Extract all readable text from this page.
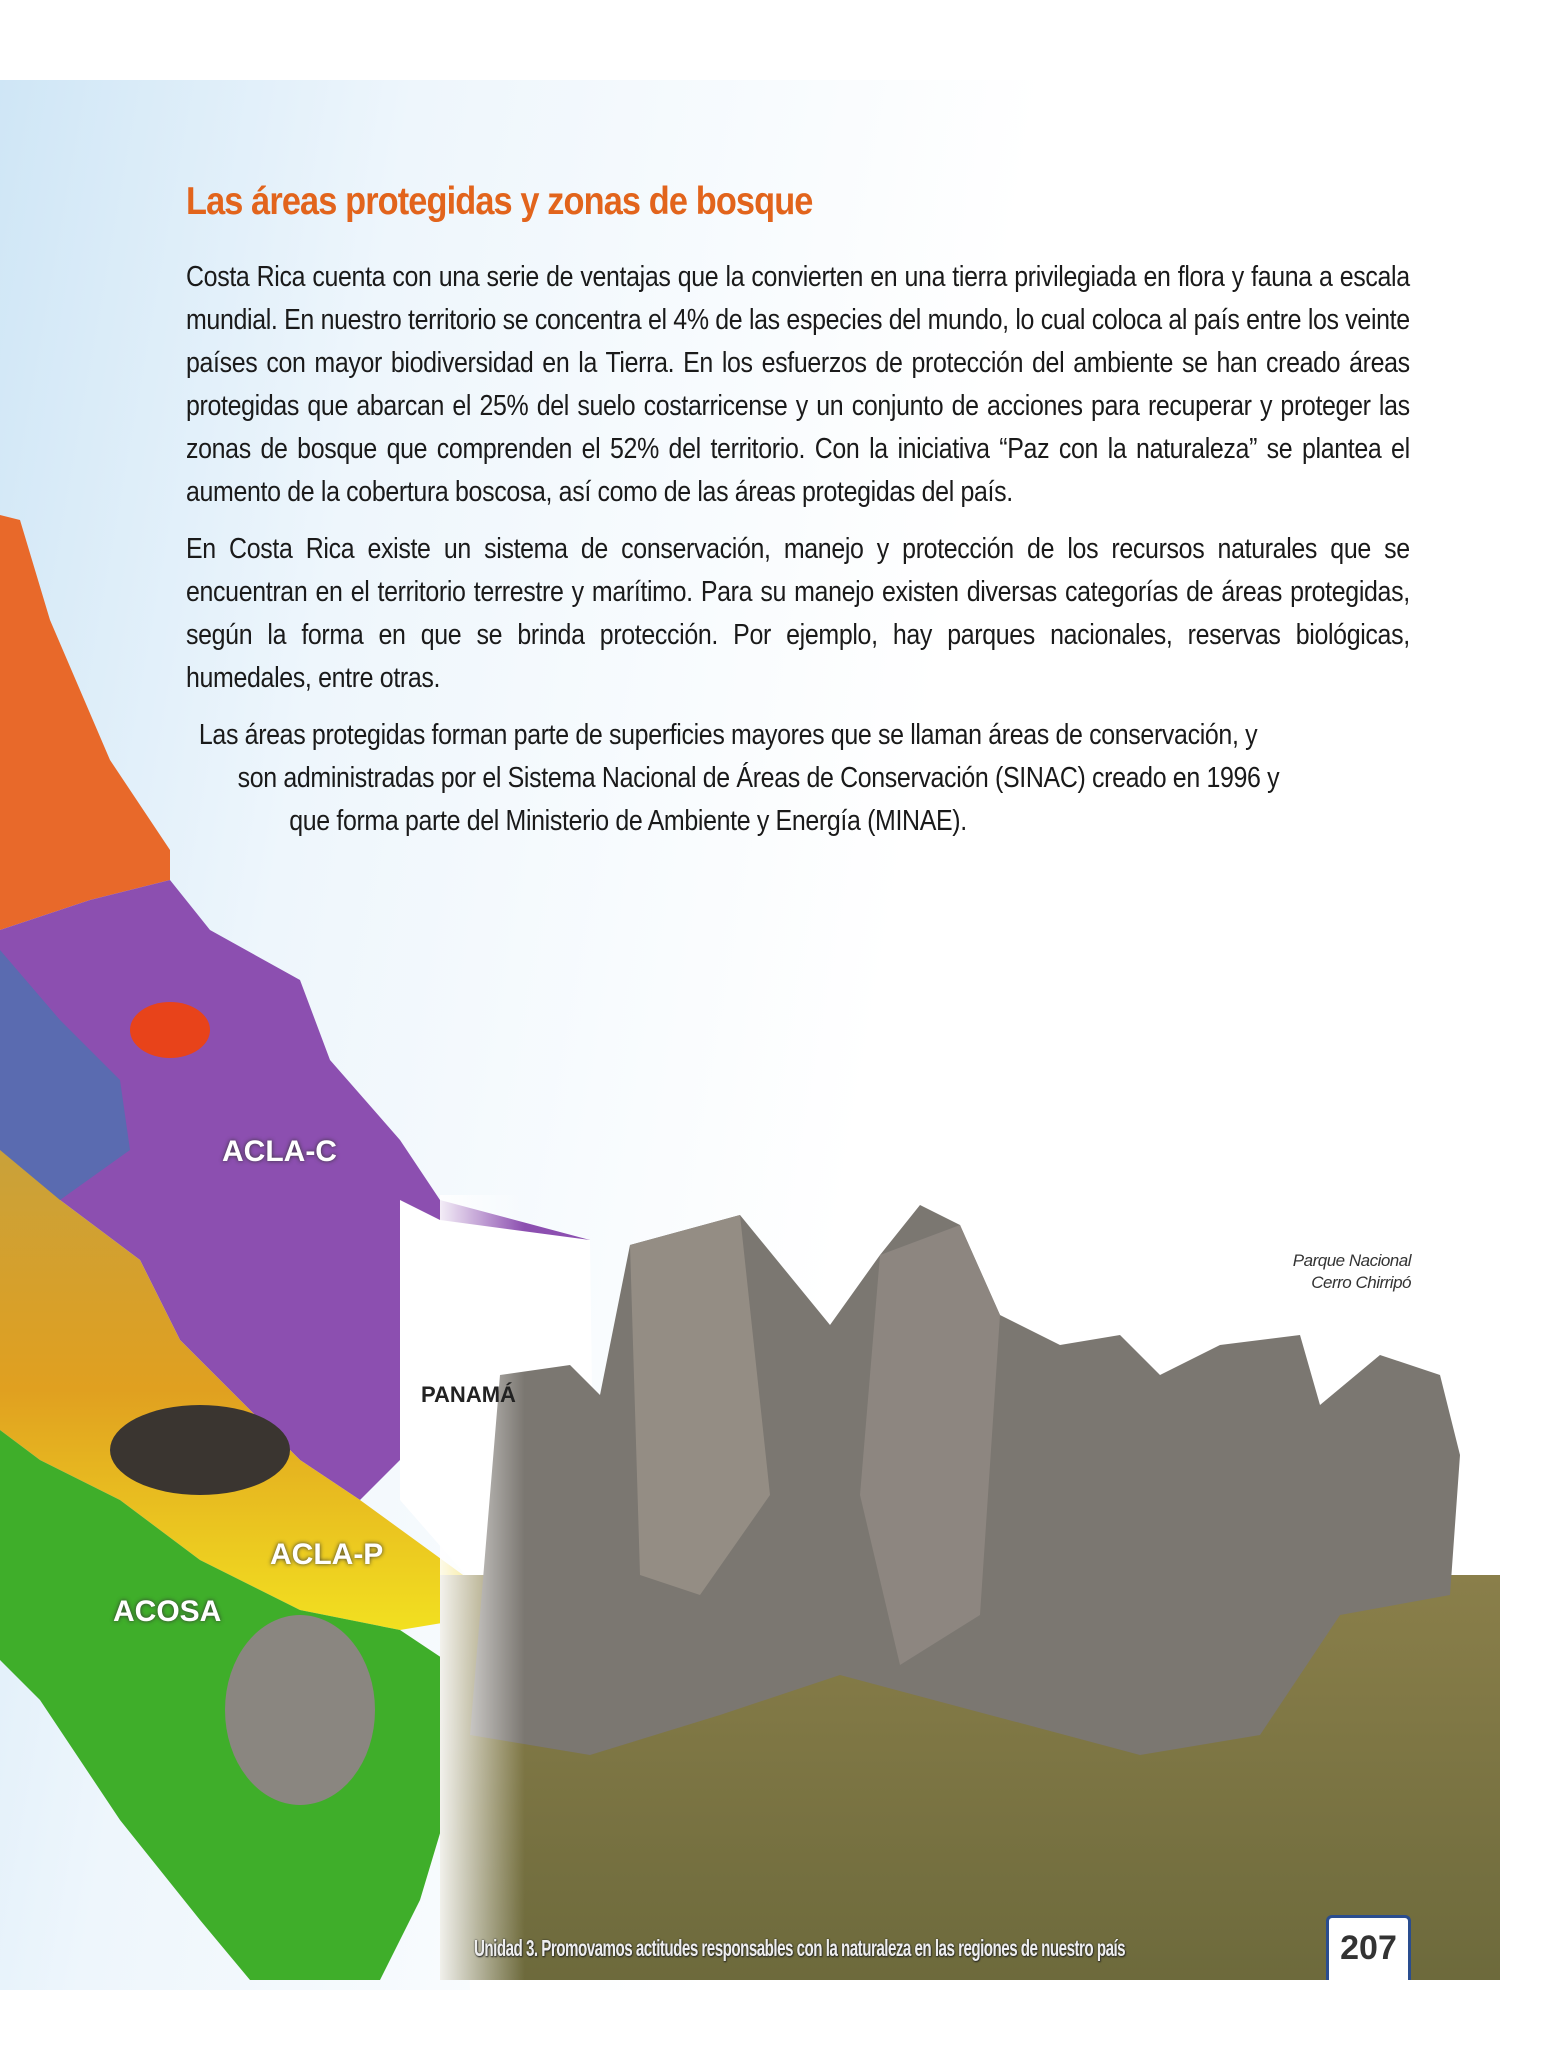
Las áreas protegidas y zonas de bosque

Costa Rica cuenta con una serie de ventajas que la convierten en una tierra privilegiada en flora y fauna a escala mundial. En nuestro territorio se concentra el 4% de las especies del mundo, lo cual coloca al país entre los veinte países con mayor biodiversidad en la Tierra. En los esfuerzos de protección del ambiente se han creado áreas protegidas que abarcan el 25% del suelo costarricense y un conjunto de acciones para recuperar y proteger las zonas de bosque que comprenden el 52% del territorio. Con la iniciativa “Paz con la naturaleza” se plantea el aumento de la cobertura boscosa, así como de las áreas protegidas del país.

En Costa Rica existe un sistema de conservación, manejo y protección de los recursos naturales que se encuentran en el territorio terrestre y marítimo. Para su manejo existen diversas categorías de áreas protegidas, según la forma en que se brinda protección. Por ejemplo, hay parques nacionales, reservas biológicas, humedales, entre otras.

Las áreas protegidas forman parte de superficies mayores que se llaman áreas de conservación, y
son administradas por el Sistema Nacional de Áreas de Conservación (SINAC) creado en 1996 y
que forma parte del Ministerio de Ambiente y Energía (MINAE).
ACLA-C
ACLA-P
ACOSA
PANAMÁ
Parque Nacional
Cerro Chirripó
Unidad 3. Promovamos actitudes responsables con la naturaleza en las regiones de nuestro país	207
